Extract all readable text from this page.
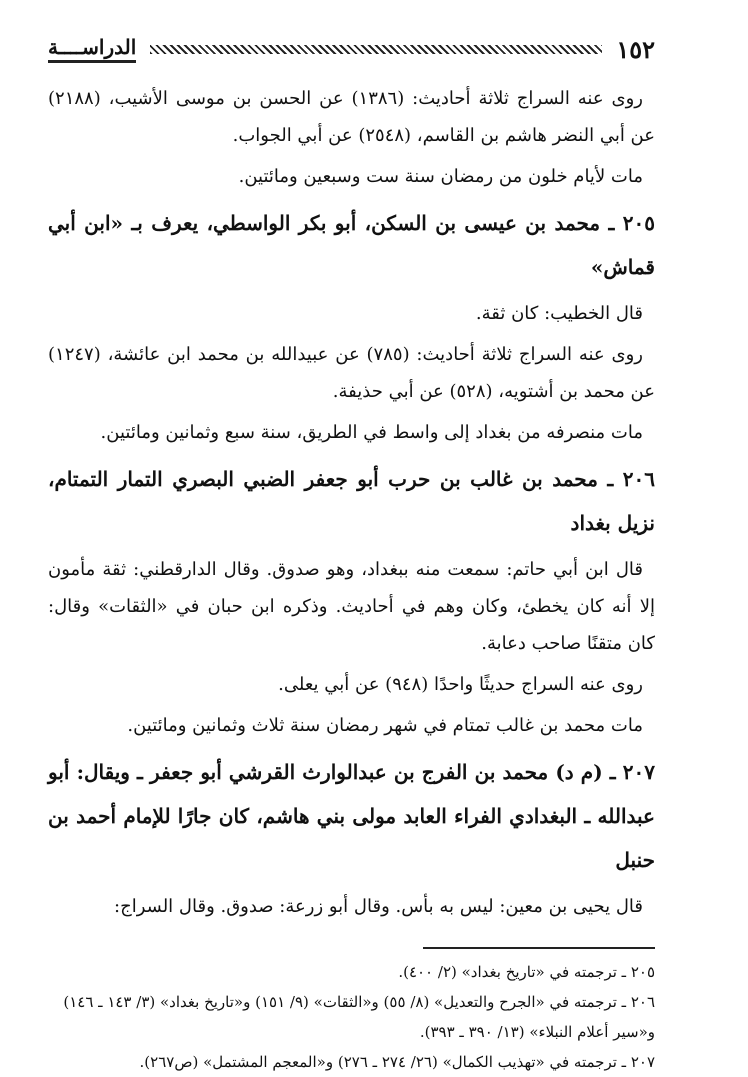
١٥٢
الدراســــة

روى عنه السراج ثلاثة أحاديث: (١٣٨٦) عن الحسن بن موسى الأشيب، (٢١٨٨) عن أبي النضر هاشم بن القاسم، (٢٥٤٨) عن أبي الجواب.

مات لأيام خلون من رمضان سنة ست وسبعين ومائتين.

٢٠٥ ـ محمد بن عيسى بن السكن، أبو بكر الواسطي، يعرف بـ «ابن أبي قماش»

قال الخطيب: كان ثقة.

روى عنه السراج ثلاثة أحاديث: (٧٨٥) عن عبيدالله بن محمد ابن عائشة، (١٢٤٧) عن محمد بن أشتويه، (٥٢٨) عن أبي حذيفة.

مات منصرفه من بغداد إلى واسط في الطريق، سنة سبع وثمانين ومائتين.

٢٠٦ ـ محمد بن غالب بن حرب أبو جعفر الضبي البصري التمار التمتام، نزيل بغداد

قال ابن أبي حاتم: سمعت منه ببغداد، وهو صدوق. وقال الدارقطني: ثقة مأمون إلا أنه كان يخطئ، وكان وهم في أحاديث. وذكره ابن حبان في «الثقات» وقال: كان متقنًا صاحب دعابة.

روى عنه السراج حديثًا واحدًا (٩٤٨) عن أبي يعلى.

مات محمد بن غالب تمتام في شهر رمضان سنة ثلاث وثمانين ومائتين.

٢٠٧ ـ (م د) محمد بن الفرج بن عبدالوارث القرشي أبو جعفر ـ ويقال: أبو عبدالله ـ البغدادي الفراء العابد مولى بني هاشم، كان جارًا للإمام أحمد بن حنبل

قال يحيى بن معين: ليس به بأس. وقال أبو زرعة: صدوق. وقال السراج:

٢٠٥ ـ ترجمته في «تاريخ بغداد» (٢/ ٤٠٠).

٢٠٦ ـ ترجمته في «الجرح والتعديل» (٨/ ٥٥) و«الثقات» (٩/ ١٥١) و«تاريخ بغداد» (٣/ ١٤٣ ـ ١٤٦) و«سير أعلام النبلاء» (١٣/ ٣٩٠ ـ ٣٩٣).

٢٠٧ ـ ترجمته في «تهذيب الكمال» (٢٦/ ٢٧٤ ـ ٢٧٦) و«المعجم المشتمل» (ص٢٦٧).
